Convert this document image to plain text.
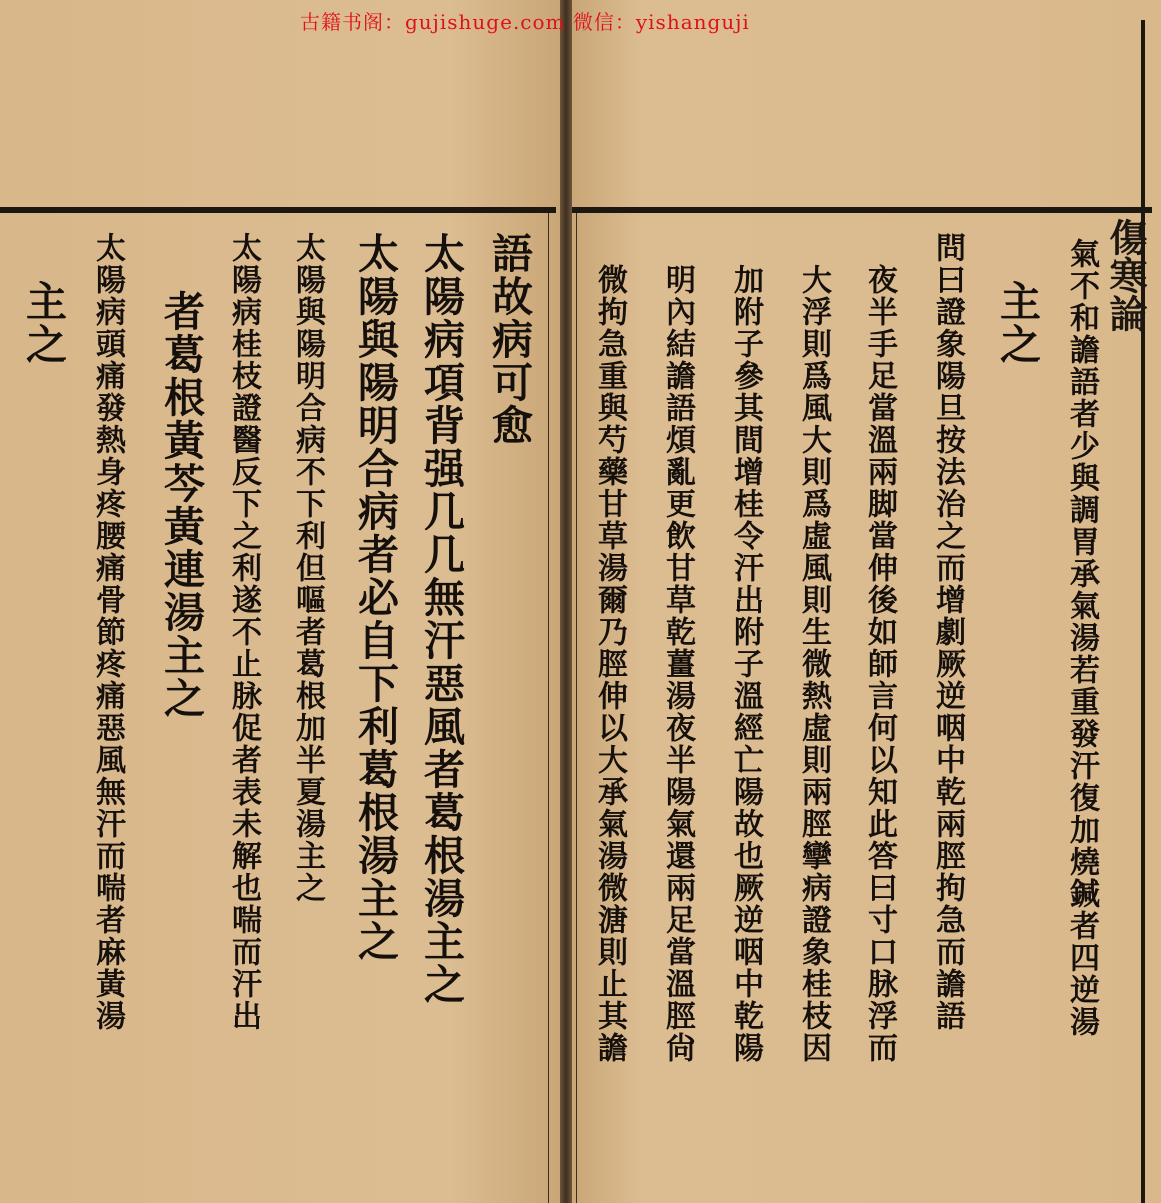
語故病可愈
太陽病項背强几几無汗惡風者葛根湯主之
太陽與陽明合病者必自下利葛根湯主之
太陽與陽明合病不下利但嘔者葛根加半夏湯主之
太陽病桂枝證醫反下之利遂不止脉促者表未解也喘而汗出
者葛根黃芩黃連湯主之
太陽病頭痛發熱身疼腰痛骨節疼痛惡風無汗而喘者麻黃湯
主之	氣不和譫語者少與調胃承氣湯若重發汗復加燒鍼者四逆湯
主之
問曰證象陽旦按法治之而增劇厥逆咽中乾兩脛拘急而譫語
夜半手足當溫兩脚當伸後如師言何以知此答曰寸口脉浮而
大浮則爲風大則爲虛風則生微熱虛則兩脛攣病證象桂枝因
加附子參其間增桂令汗出附子溫經亡陽故也厥逆咽中乾陽
明內結譫語煩亂更飲甘草乾薑湯夜半陽氣還兩足當溫脛尙
微拘急重與芍藥甘草湯爾乃脛伸以大承氣湯微溏則止其譫	傷寒論
古籍书阁：gujishuge.com 微信：yishanguji
